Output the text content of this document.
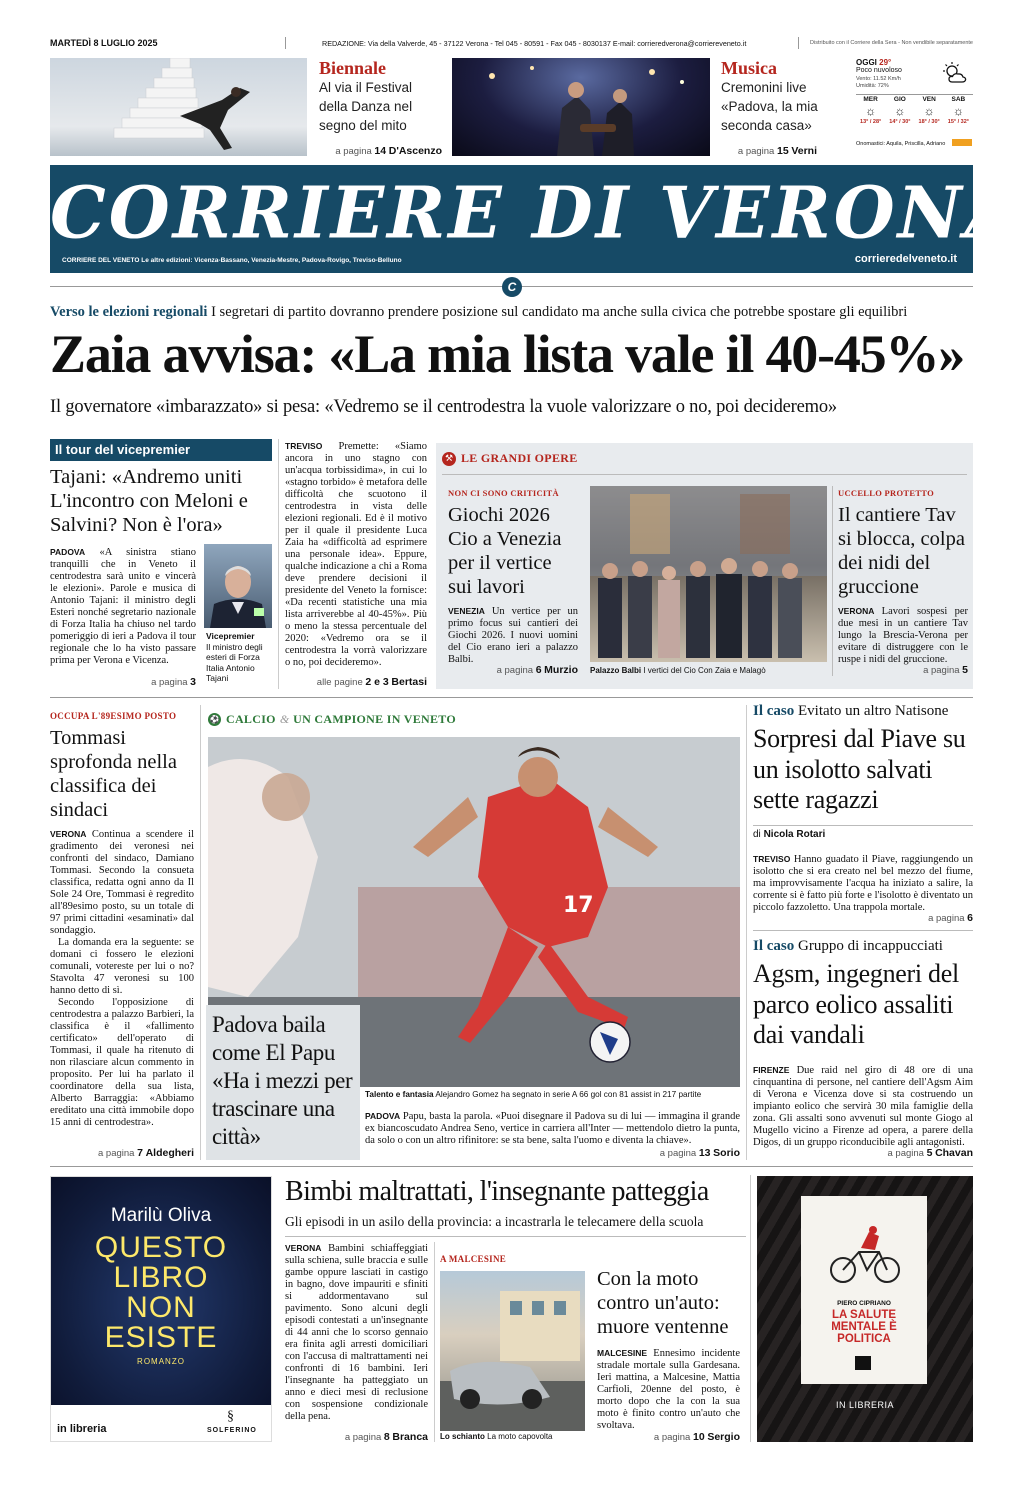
MARTEDÌ 8 LUGLIO 2025	REDAZIONE: Via della Valverde, 45 - 37122 Verona - Tel 045 - 80591 - Fax 045 - 8030137 E-mail: corrieredverona@corriereveneto.it	Distribuito con il Corriere della Sera - Non vendibile separatamente
Biennale
Al via il Festival della Danza nel segno del mito
a pagina 14 D'Ascenzo
Musica
Cremonini live «Padova, la mia seconda casa»
a pagina 15 Verni
OGGI 29°
Poco nuvoloso
Vento: 11.52 Km/h
Umidità: 72%
MER
☼
13° / 28°
GIO
☼
14° / 30°
VEN
☼
18° / 30°
SAB
☼
15° / 32°
Onomastici: Aquila, Priscilla, Adriano
CORRIERE DI VERONA
CORRIERE DEL VENETO Le altre edizioni: Vicenza-Bassano, Venezia-Mestre, Padova-Rovigo, Treviso-Belluno	corrieredelveneto.it
C
Verso le elezioni regionali I segretari di partito dovranno prendere posizione sul candidato ma anche sulla civica che potrebbe spostare gli equilibri
Zaia avvisa: «La mia lista vale il 40-45%»
Il governatore «imbarazzato» si pesa: «Vedremo se il centrodestra la vuole valorizzare o no, poi decideremo»
Il tour del vicepremier
Tajani: «Andremo uniti L'incontro con Meloni e Salvini? Non è l'ora»
PADOVA «A sinistra stiano tranquilli che in Veneto il centrodestra sarà unito e vincerà le elezioni». Parole e musica di Antonio Tajani: il ministro degli Esteri nonché segretario nazionale di Forza Italia ha chiuso nel tardo pomeriggio di ieri a Padova il tour regionale che lo ha visto passare prima per Verona e Vicenza.
Vicepremier
Il ministro degli esteri di Forza Italia Antonio Tajani
a pagina 3
TREVISO Premette: «Siamo ancora in uno stagno con un'acqua torbissidima», in cui lo «stagno torbido» è metafora delle difficoltà che scuotono il centrodestra in vista delle elezioni regionali. Ed è il motivo per il quale il presidente Luca Zaia ha «difficoltà ad esprimere una personale idea». Eppure, qualche indicazione a chi a Roma deve prendere decisioni il presidente del Veneto la fornisce: «Da recenti statistiche una mia lista arriverebbe al 40-45%». Più o meno la stessa percentuale del 2020: «Vedremo ora se il centrodestra la vorrà valorizzare o no, poi decideremo».
alle pagine 2 e 3 Bertasi
⚒ LE GRANDI OPERE
NON CI SONO CRITICITÀ
Giochi 2026 Cio a Venezia per il vertice sui lavori
VENEZIA Un vertice per un primo focus sui cantieri dei Giochi 2026. I nuovi uomini del Cio erano ieri a palazzo Balbi.
a pagina 6 Murzio Palazzo Balbi I vertici del Cio Con Zaia e Malagò
UCCELLO PROTETTO
Il cantiere Tav si blocca, colpa dei nidi del gruccione
VERONA Lavori sospesi per due mesi in un cantiere Tav lungo la Brescia-Verona per evitare di distruggere con le ruspe i nidi del gruccione.
a pagina 5
OCCUPA L'89ESIMO POSTO
Tommasi sprofonda nella classifica dei sindaci
VERONA Continua a scendere il gradimento dei veronesi nei confronti del sindaco, Damiano Tommasi. Secondo la consueta classifica, redatta ogni anno da Il Sole 24 Ore, Tommasi è regredito all'89esimo posto, su un totale di 97 primi cittadini «esaminati» dal sondaggio.
La domanda era la seguente: se domani ci fossero le elezioni comunali, votereste per lui o no? Stavolta 47 veronesi su 100 hanno detto di sì.
Secondo l'opposizione di centrodestra a palazzo Barbieri, la classifica è il «fallimento certificato» dell'operato di Tommasi, il quale ha ritenuto di non rilasciare alcun commento in proposito. Per lui ha parlato il coordinatore della sua lista, Alberto Barraggia: «Abbiamo ereditato una città immobile dopo 15 anni di centrodestra».
a pagina 7 Aldegheri
⚽ CALCIO & UN CAMPIONE IN VENETO
17
Padova baila come El Papu «Ha i mezzi per trascinare una città»
Talento e fantasia Alejandro Gomez ha segnato in serie A 66 gol con 81 assist in 217 partite
PADOVA Papu, basta la parola. «Puoi disegnare il Padova su di lui — immagina il grande ex biancoscudato Andrea Seno, vertice in carriera all'Inter — mettendolo dietro la punta, da solo o con un altro rifinitore: se sta bene, salta l'uomo e diventa la chiave».
a pagina 13 Sorio
Il caso Evitato un altro Natisone
Sorpresi dal Piave su un isolotto salvati sette ragazzi
di Nicola Rotari
TREVISO Hanno guadato il Piave, raggiungendo un isolotto che si era creato nel bel mezzo del fiume, ma improvvisamente l'acqua ha iniziato a salire, la corrente si è fatto più forte e l'isolotto è diventato un piccolo fazzoletto. Una trappola mortale.
a pagina 6
Il caso Gruppo di incappucciati
Agsm, ingegneri del parco eolico assaliti dai vandali
FIRENZE Due raid nel giro di 48 ore di una cinquantina di persone, nel cantiere dell'Agsm Aim di Verona e Vicenza dove si sta costruendo un impianto eolico che servirà 30 mila famiglie della zona. Gli assalti sono avvenuti sul monte Giogo al Mugello vicino a Firenze ad opera, a parere della Digos, di un gruppo riconducibile agli antagonisti.
a pagina 5 Chavan
Marilù Oliva
QUESTO LIBRO NON ESISTE
ROMANZO
in libreria
§
SOLFERINO
Bimbi maltrattati, l'insegnante patteggia
Gli episodi in un asilo della provincia: a incastrarla le telecamere della scuola
VERONA Bambini schiaffeggiati sulla schiena, sulle braccia e sulle gambe oppure lasciati in castigo in bagno, dove impauriti e sfiniti si addormentavano sul pavimento. Sono alcuni degli episodi contestati a un'insegnante di 44 anni che lo scorso gennaio era finita agli arresti domiciliari con l'accusa di maltrattamenti nei confronti di 16 bambini. Ieri l'insegnante ha patteggiato un anno e dieci mesi di reclusione con sospensione condizionale della pena.
a pagina 8 Branca
A MALCESINE
Lo schianto La moto capovolta
Con la moto contro un'auto: muore ventenne
MALCESINE Ennesimo incidente stradale mortale sulla Gardesana. Ieri mattina, a Malcesine, Mattia Carfioli, 20enne del posto, è morto dopo che la con la sua moto è finito contro un'auto che svoltava.
a pagina 10 Sergio
PIERO CIPRIANO
LA SALUTE MENTALE È POLITICA
IN LIBRERIA
